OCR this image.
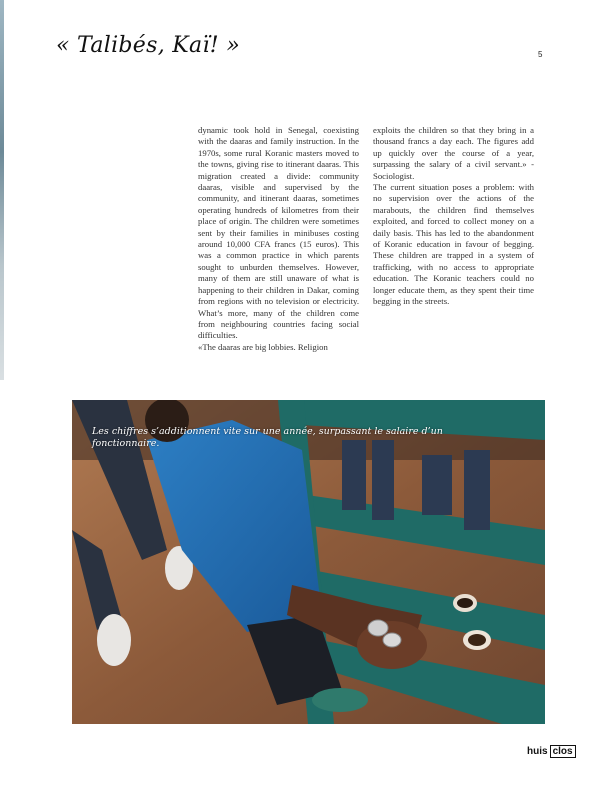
« Talibés, Kaï! »	5

dynamic took hold in Senegal, coexisting with the daaras and family instruction. In the 1970s, some rural Koranic masters moved to the towns, giving rise to itinerant daaras. This migration created a divide: community daaras, visible and supervised by the community, and itinerant daaras, sometimes operating hundreds of kilometres from their place of origin. The children were sometimes sent by their families in minibuses costing around 10,000 CFA francs (15 euros). This was a common practice in which parents sought to unburden themselves. However, many of them are still unaware of what is happening to their children in Dakar, coming from regions with no television or electricity. What’s more, many of the children come from neighbouring countries facing social difficulties.

«The daaras are big lobbies. Religion

exploits the children so that they bring in a thousand francs a day each. The figures add up quickly over the course of a year, surpassing the salary of a civil servant.» - Sociologist.

The current situation poses a problem: with no supervision over the actions of the marabouts, the children find themselves exploited, and forced to collect money on a daily basis. This has led to the abandonment of Koranic education in favour of begging. These children are trapped in a system of trafficking, with no access to appropriate education. The Koranic teachers could no longer educate them, as they spent their time begging in the streets.

Les chiffres s’additionnent vite sur une année, surpassant le salaire d’un fonctionnaire.
huis clos
